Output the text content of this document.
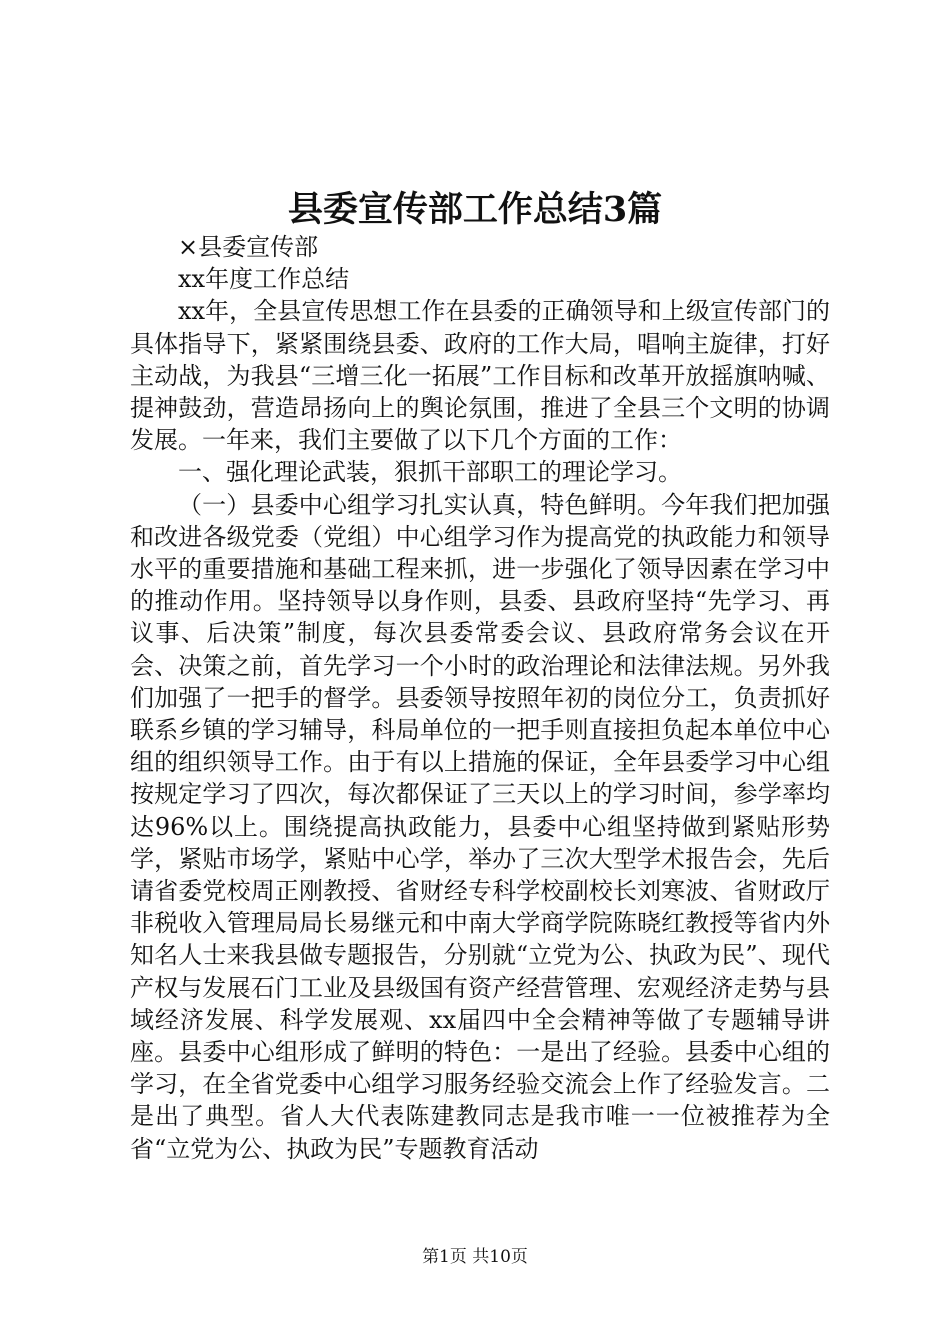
县委宣传部工作总结3篇

×县委宣传部

xx年度工作总结

xx年，全县宣传思想工作在县委的正确领导和上级宣传部门的具体指导下，紧紧围绕县委、政府的工作大局，唱响主旋律，打好主动战，为我县“三增三化一拓展”工作目标和改革开放摇旗呐喊、提神鼓劲，营造昂扬向上的舆论氛围，推进了全县三个文明的协调发展。一年来，我们主要做了以下几个方面的工作：

一、强化理论武装，狠抓干部职工的理论学习。

（一）县委中心组学习扎实认真，特色鲜明。今年我们把加强和改进各级党委（党组）中心组学习作为提高党的执政能力和领导水平的重要措施和基础工程来抓，进一步强化了领导因素在学习中的推动作用。坚持领导以身作则，县委、县政府坚持“先学习、再议事、后决策”制度，每次县委常委会议、县政府常务会议在开会、决策之前，首先学习一个小时的政治理论和法律法规。另外我们加强了一把手的督学。县委领导按照年初的岗位分工，负责抓好联系乡镇的学习辅导，科局单位的一把手则直接担负起本单位中心组的组织领导工作。由于有以上措施的保证，全年县委学习中心组按规定学习了四次，每次都保证了三天以上的学习时间，参学率均达96%以上。围绕提高执政能力，县委中心组坚持做到紧贴形势学，紧贴市场学，紧贴中心学，举办了三次大型学术报告会，先后请省委党校周正刚教授、省财经专科学校副校长刘寒波、省财政厅非税收入管理局局长易继元和中南大学商学院陈晓红教授等省内外知名人士来我县做专题报告，分别就“立党为公、执政为民”、现代产权与发展石门工业及县级国有资产经营管理、宏观经济走势与县域经济发展、科学发展观、xx届四中全会精神等做了专题辅导讲座。县委中心组形成了鲜明的特色：一是出了经验。县委中心组的学习，在全省党委中心组学习服务经验交流会上作了经验发言。二是出了典型。省人大代表陈建教同志是我市唯一一位被推荐为全省“立党为公、执政为民”专题教育活动

第1页 共10页
